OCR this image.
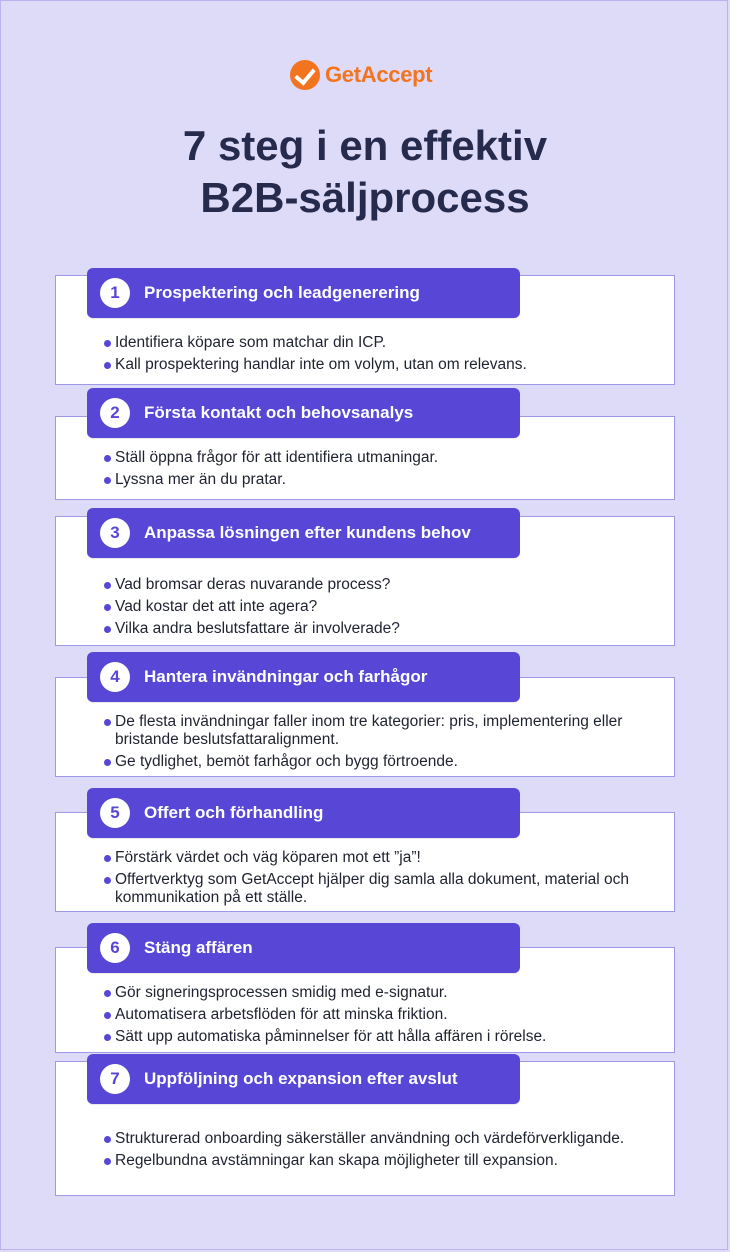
GetAccept
7 steg i en effektiv
B2B-säljprocess
1	Prospektering och leadgenerering
Identifiera köpare som matchar din ICP.
Kall prospektering handlar inte om volym, utan om relevans.
2	Första kontakt och behovsanalys
Ställ öppna frågor för att identifiera utmaningar.
Lyssna mer än du pratar.
3	Anpassa lösningen efter kundens behov
Vad bromsar deras nuvarande process?
Vad kostar det att inte agera?
Vilka andra beslutsfattare är involverade?
4	Hantera invändningar och farhågor
De flesta invändningar faller inom tre kategorier: pris, implementering eller bristande beslutsfattaralignment.
Ge tydlighet, bemöt farhågor och bygg förtroende.
5	Offert och förhandling
Förstärk värdet och väg köparen mot ett ”ja”!
Offertverktyg som GetAccept hjälper dig samla alla dokument, material och kommunikation på ett ställe.
6	Stäng affären
Gör signeringsprocessen smidig med e-signatur.
Automatisera arbetsflöden för att minska friktion.
Sätt upp automatiska påminnelser för att hålla affären i rörelse.
7	Uppföljning och expansion efter avslut
Strukturerad onboarding säkerställer användning och värdeförverkligande.
Regelbundna avstämningar kan skapa möjligheter till expansion.
